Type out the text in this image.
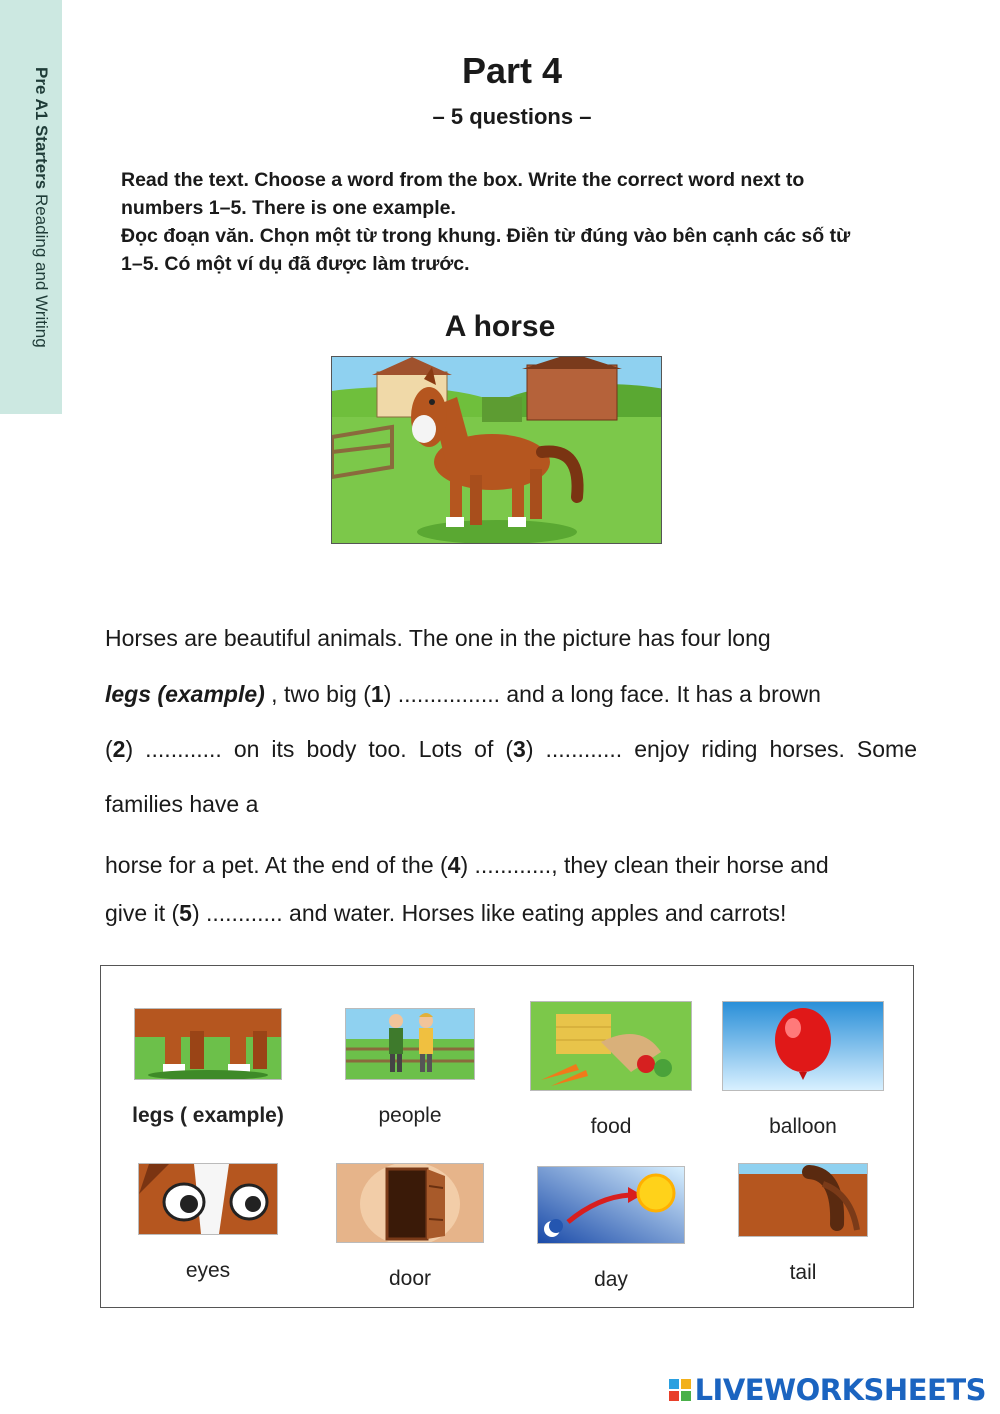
Pre A1 Starters Reading and Writing
Part 4
– 5 questions –
Read the text. Choose a word from the box. Write the correct word next to
numbers 1–5. There is one example.
Đọc đoạn văn. Chọn một từ trong khung. Điền từ đúng vào bên cạnh các số từ
1–5. Có một ví dụ đã được làm trước.
A horse
Horses are beautiful animals. The one in the picture has four long
legs (example) , two big (1) ................ and a long face. It has a brown
(2) ............ on its body too. Lots of (3) ............ enjoy riding horses. Some
families have a
horse for a pet. At the end of the (4) ............, they clean their horse and
give it (5) ............ and water. Horses like eating apples and carrots!
legs ( example)	people	food	balloon
eyes	door	day	tail
LIVEWORKSHEETS
